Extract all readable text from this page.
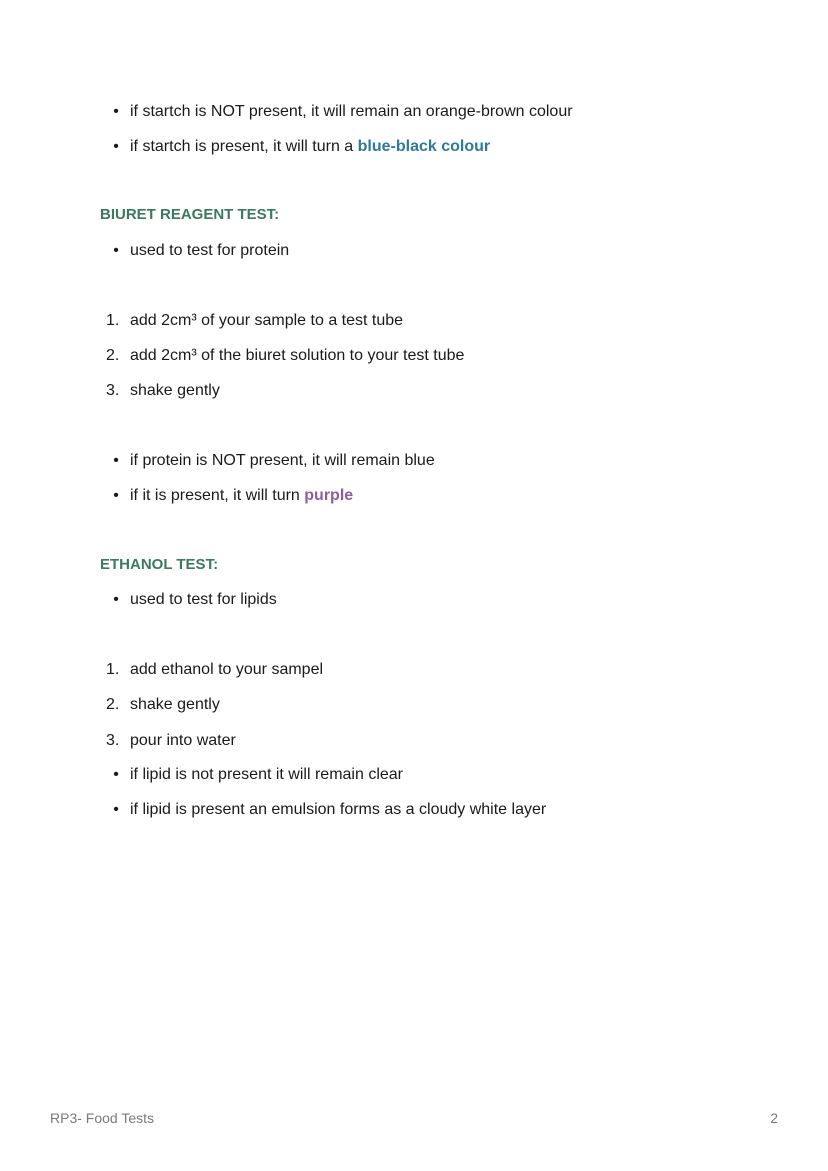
• if startch is NOT present, it will remain an orange-brown colour
• if startch is present, it will turn a blue-black colour
BIURET REAGENT TEST:
• used to test for protein
1. add 2cm³ of your sample to a test tube
2. add 2cm³ of the biuret solution to your test tube
3. shake gently
• if protein is NOT present, it will remain blue
• if it is present, it will turn purple
ETHANOL TEST:
• used to test for lipids
1. add ethanol to your sampel
2. shake gently
3. pour into water
• if lipid is not present it will remain clear
• if lipid is present an emulsion forms as a cloudy white layer
RP3- Food Tests	2
